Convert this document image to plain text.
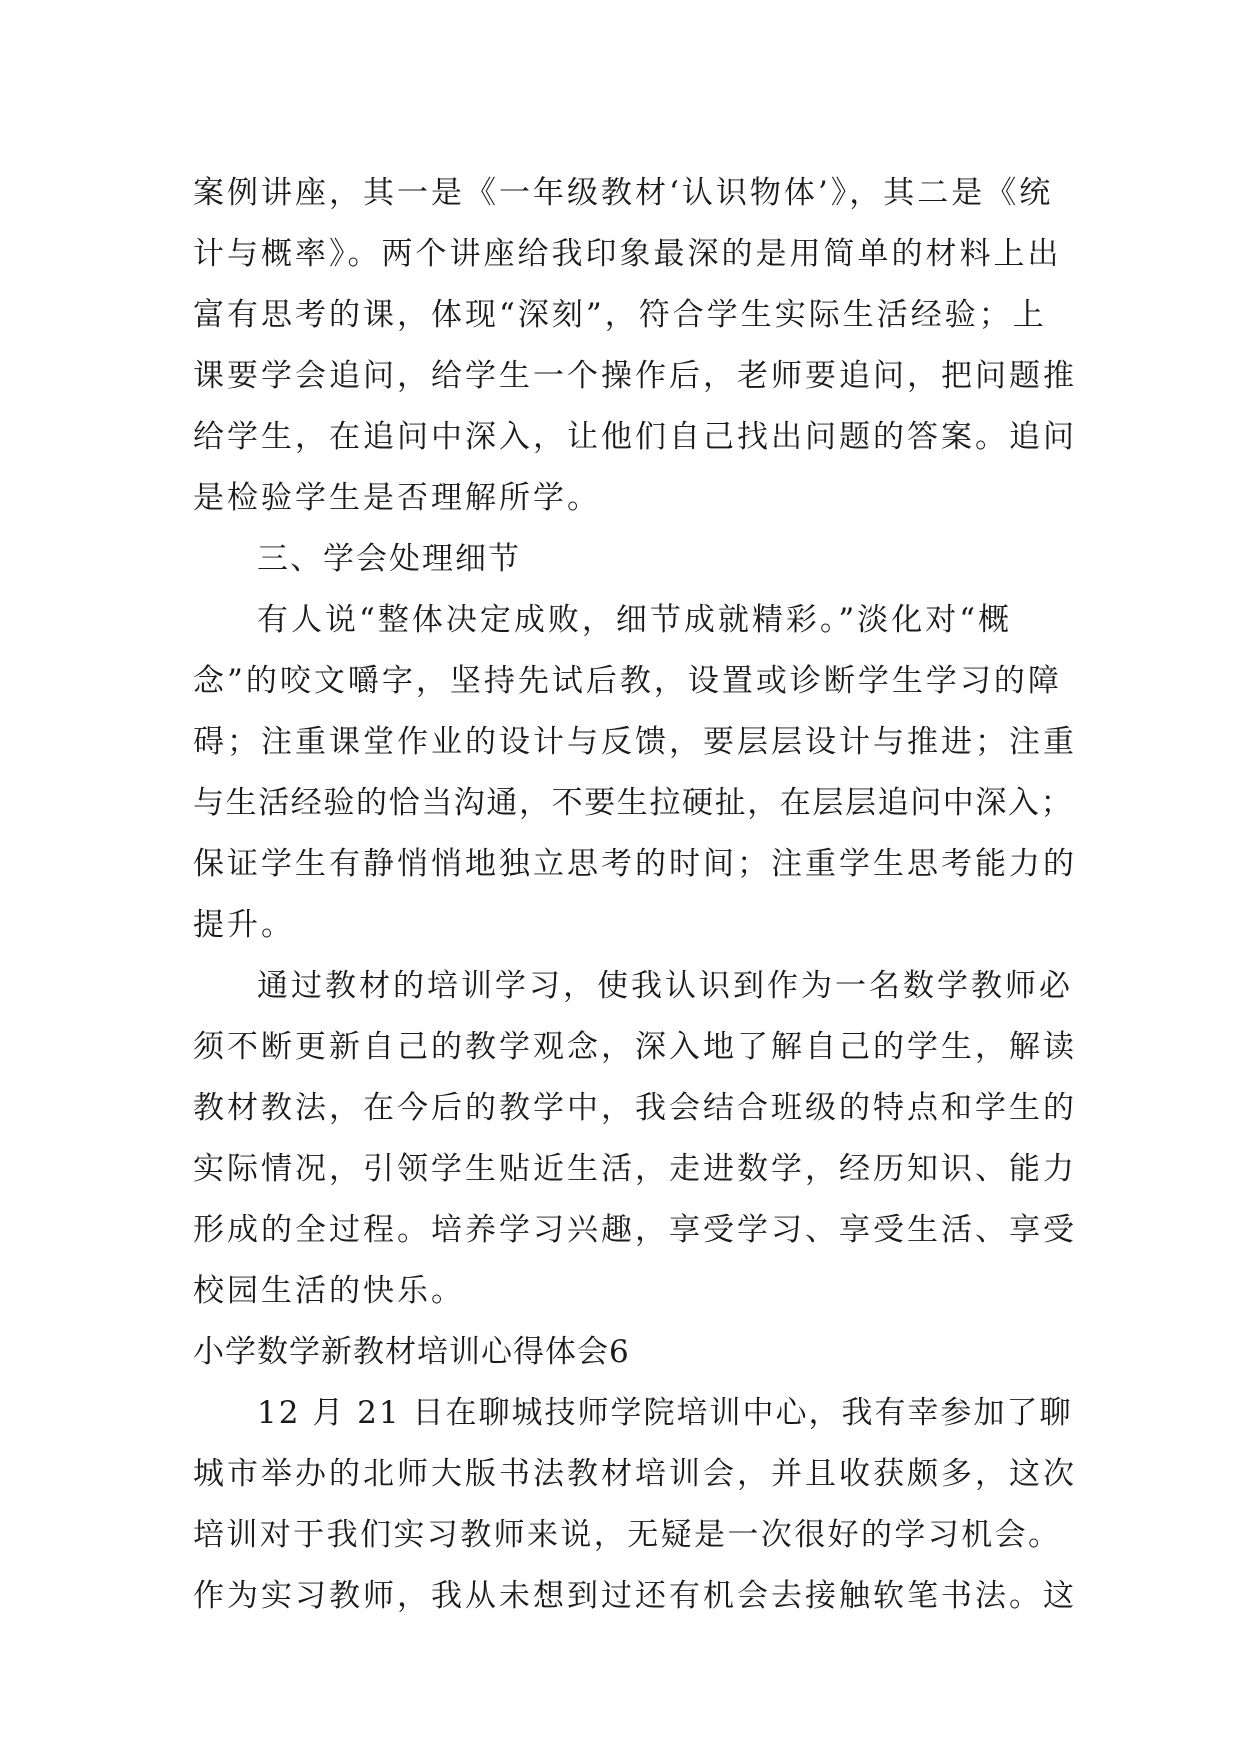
案例讲座，其一是《一年级教材‘认识物体’》，其二是《统
计与概率》。两个讲座给我印象最深的是用简单的材料上出
富有思考的课，体现“深刻”，符合学生实际生活经验；上
课要学会追问，给学生一个操作后，老师要追问，把问题推
给学生，在追问中深入，让他们自己找出问题的答案。追问
是检验学生是否理解所学。
三、学会处理细节
有人说“整体决定成败，细节成就精彩。”淡化对“概
念”的咬文嚼字，坚持先试后教，设置或诊断学生学习的障
碍；注重课堂作业的设计与反馈，要层层设计与推进；注重
与生活经验的恰当沟通，不要生拉硬扯，在层层追问中深入；
保证学生有静悄悄地独立思考的时间；注重学生思考能力的
提升。
通过教材的培训学习，使我认识到作为一名数学教师必
须不断更新自己的教学观念，深入地了解自己的学生，解读
教材教法，在今后的教学中，我会结合班级的特点和学生的
实际情况，引领学生贴近生活，走进数学，经历知识、能力
形成的全过程。培养学习兴趣，享受学习、享受生活、享受
校园生活的快乐。
小学数学新教材培训心得体会6
12 月 21 日在聊城技师学院培训中心，我有幸参加了聊
城市举办的北师大版书法教材培训会，并且收获颇多，这次
培训对于我们实习教师来说，无疑是一次很好的学习机会。
作为实习教师，我从未想到过还有机会去接触软笔书法。这
